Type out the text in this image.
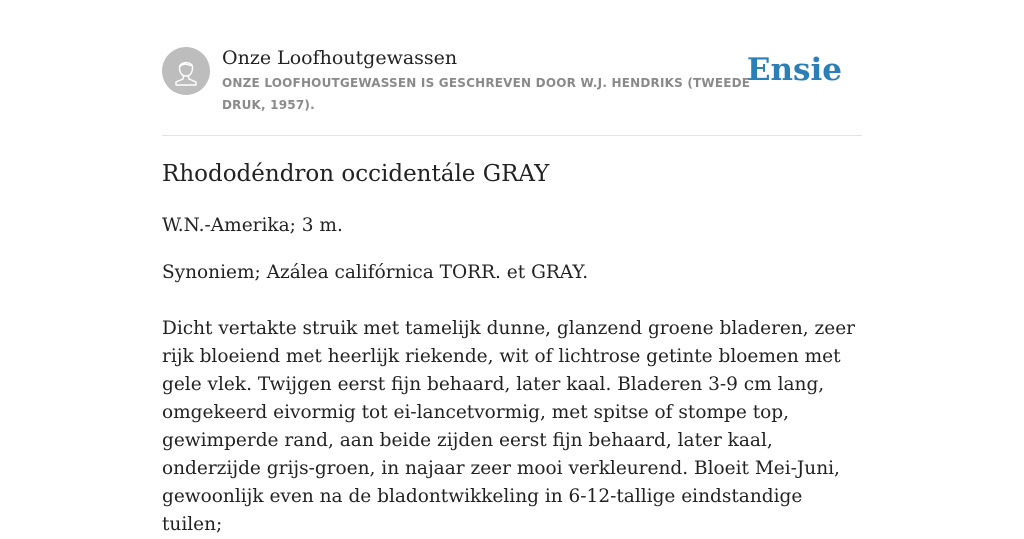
Onze Loofhoutgewassen
ONZE LOOFHOUTGEWASSEN IS GESCHREVEN DOOR W.J. HENDRIKS (TWEEDE DRUK, 1957).
Ensie
Rhododéndron occidentále GRAY

W.N.-Amerika; 3 m.

Synoniem; Azálea califórnica TORR. et GRAY.

Dicht vertakte struik met tamelijk dunne, glanzend groene bladeren, zeer rijk bloeiend met heerlijk riekende, wit of lichtrose getinte bloemen met gele vlek. Twijgen eerst fijn behaard, later kaal. Bladeren 3-9 cm lang, omgekeerd eivormig tot ei-lancetvormig, met spitse of stompe top, gewimperde rand, aan beide zijden eerst fijn behaard, later kaal, onderzijde grijs-groen, in najaar zeer mooi verkleurend. Bloeit Mei-Juni, gewoonlijk even na de bladontwikkeling in 6-12-tallige eindstandige tuilen;
